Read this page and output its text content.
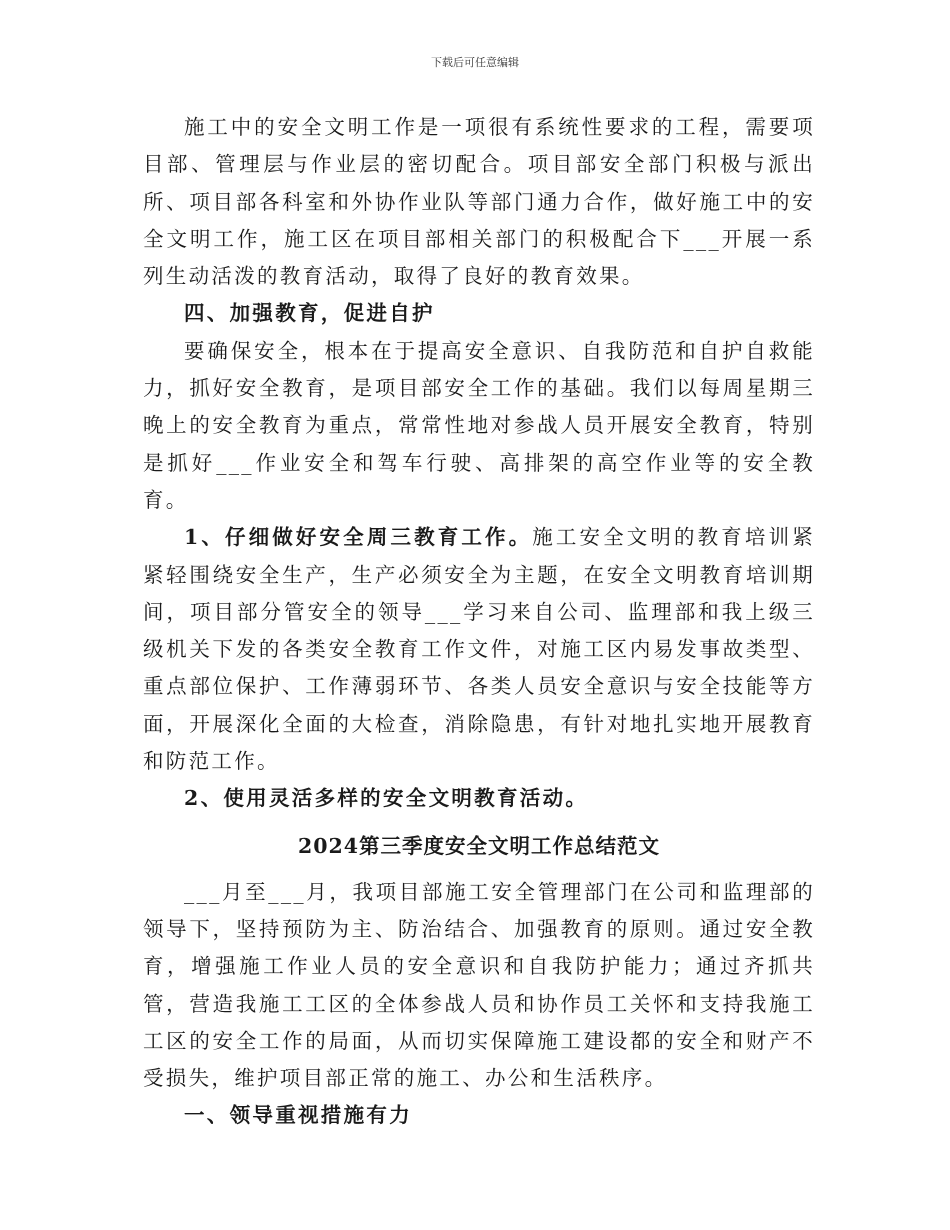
下载后可任意编辑

施工中的安全文明工作是一项很有系统性要求的工程，需要项目部、管理层与作业层的密切配合。项目部安全部门积极与派出所、项目部各科室和外协作业队等部门通力合作，做好施工中的安全文明工作，施工区在项目部相关部门的积极配合下___开展一系列生动活泼的教育活动，取得了良好的教育效果。

四、加强教育，促进自护

要确保安全，根本在于提高安全意识、自我防范和自护自救能力，抓好安全教育，是项目部安全工作的基础。我们以每周星期三晚上的安全教育为重点，常常性地对参战人员开展安全教育，特别是抓好___作业安全和驾车行驶、高排架的高空作业等的安全教育。

1、仔细做好安全周三教育工作。施工安全文明的教育培训紧紧轻围绕安全生产，生产必须安全为主题，在安全文明教育培训期间，项目部分管安全的领导___学习来自公司、监理部和我上级三级机关下发的各类安全教育工作文件，对施工区内易发事故类型、重点部位保护、工作薄弱环节、各类人员安全意识与安全技能等方面，开展深化全面的大检查，消除隐患，有针对地扎实地开展教育和防范工作。

2、使用灵活多样的安全文明教育活动。

2024第三季度安全文明工作总结范文

___月至___月，我项目部施工安全管理部门在公司和监理部的领导下，坚持预防为主、防治结合、加强教育的原则。通过安全教育，增强施工作业人员的安全意识和自我防护能力；通过齐抓共管，营造我施工工区的全体参战人员和协作员工关怀和支持我施工工区的安全工作的局面，从而切实保障施工建设都的安全和财产不受损失，维护项目部正常的施工、办公和生活秩序。

一、领导重视措施有力
